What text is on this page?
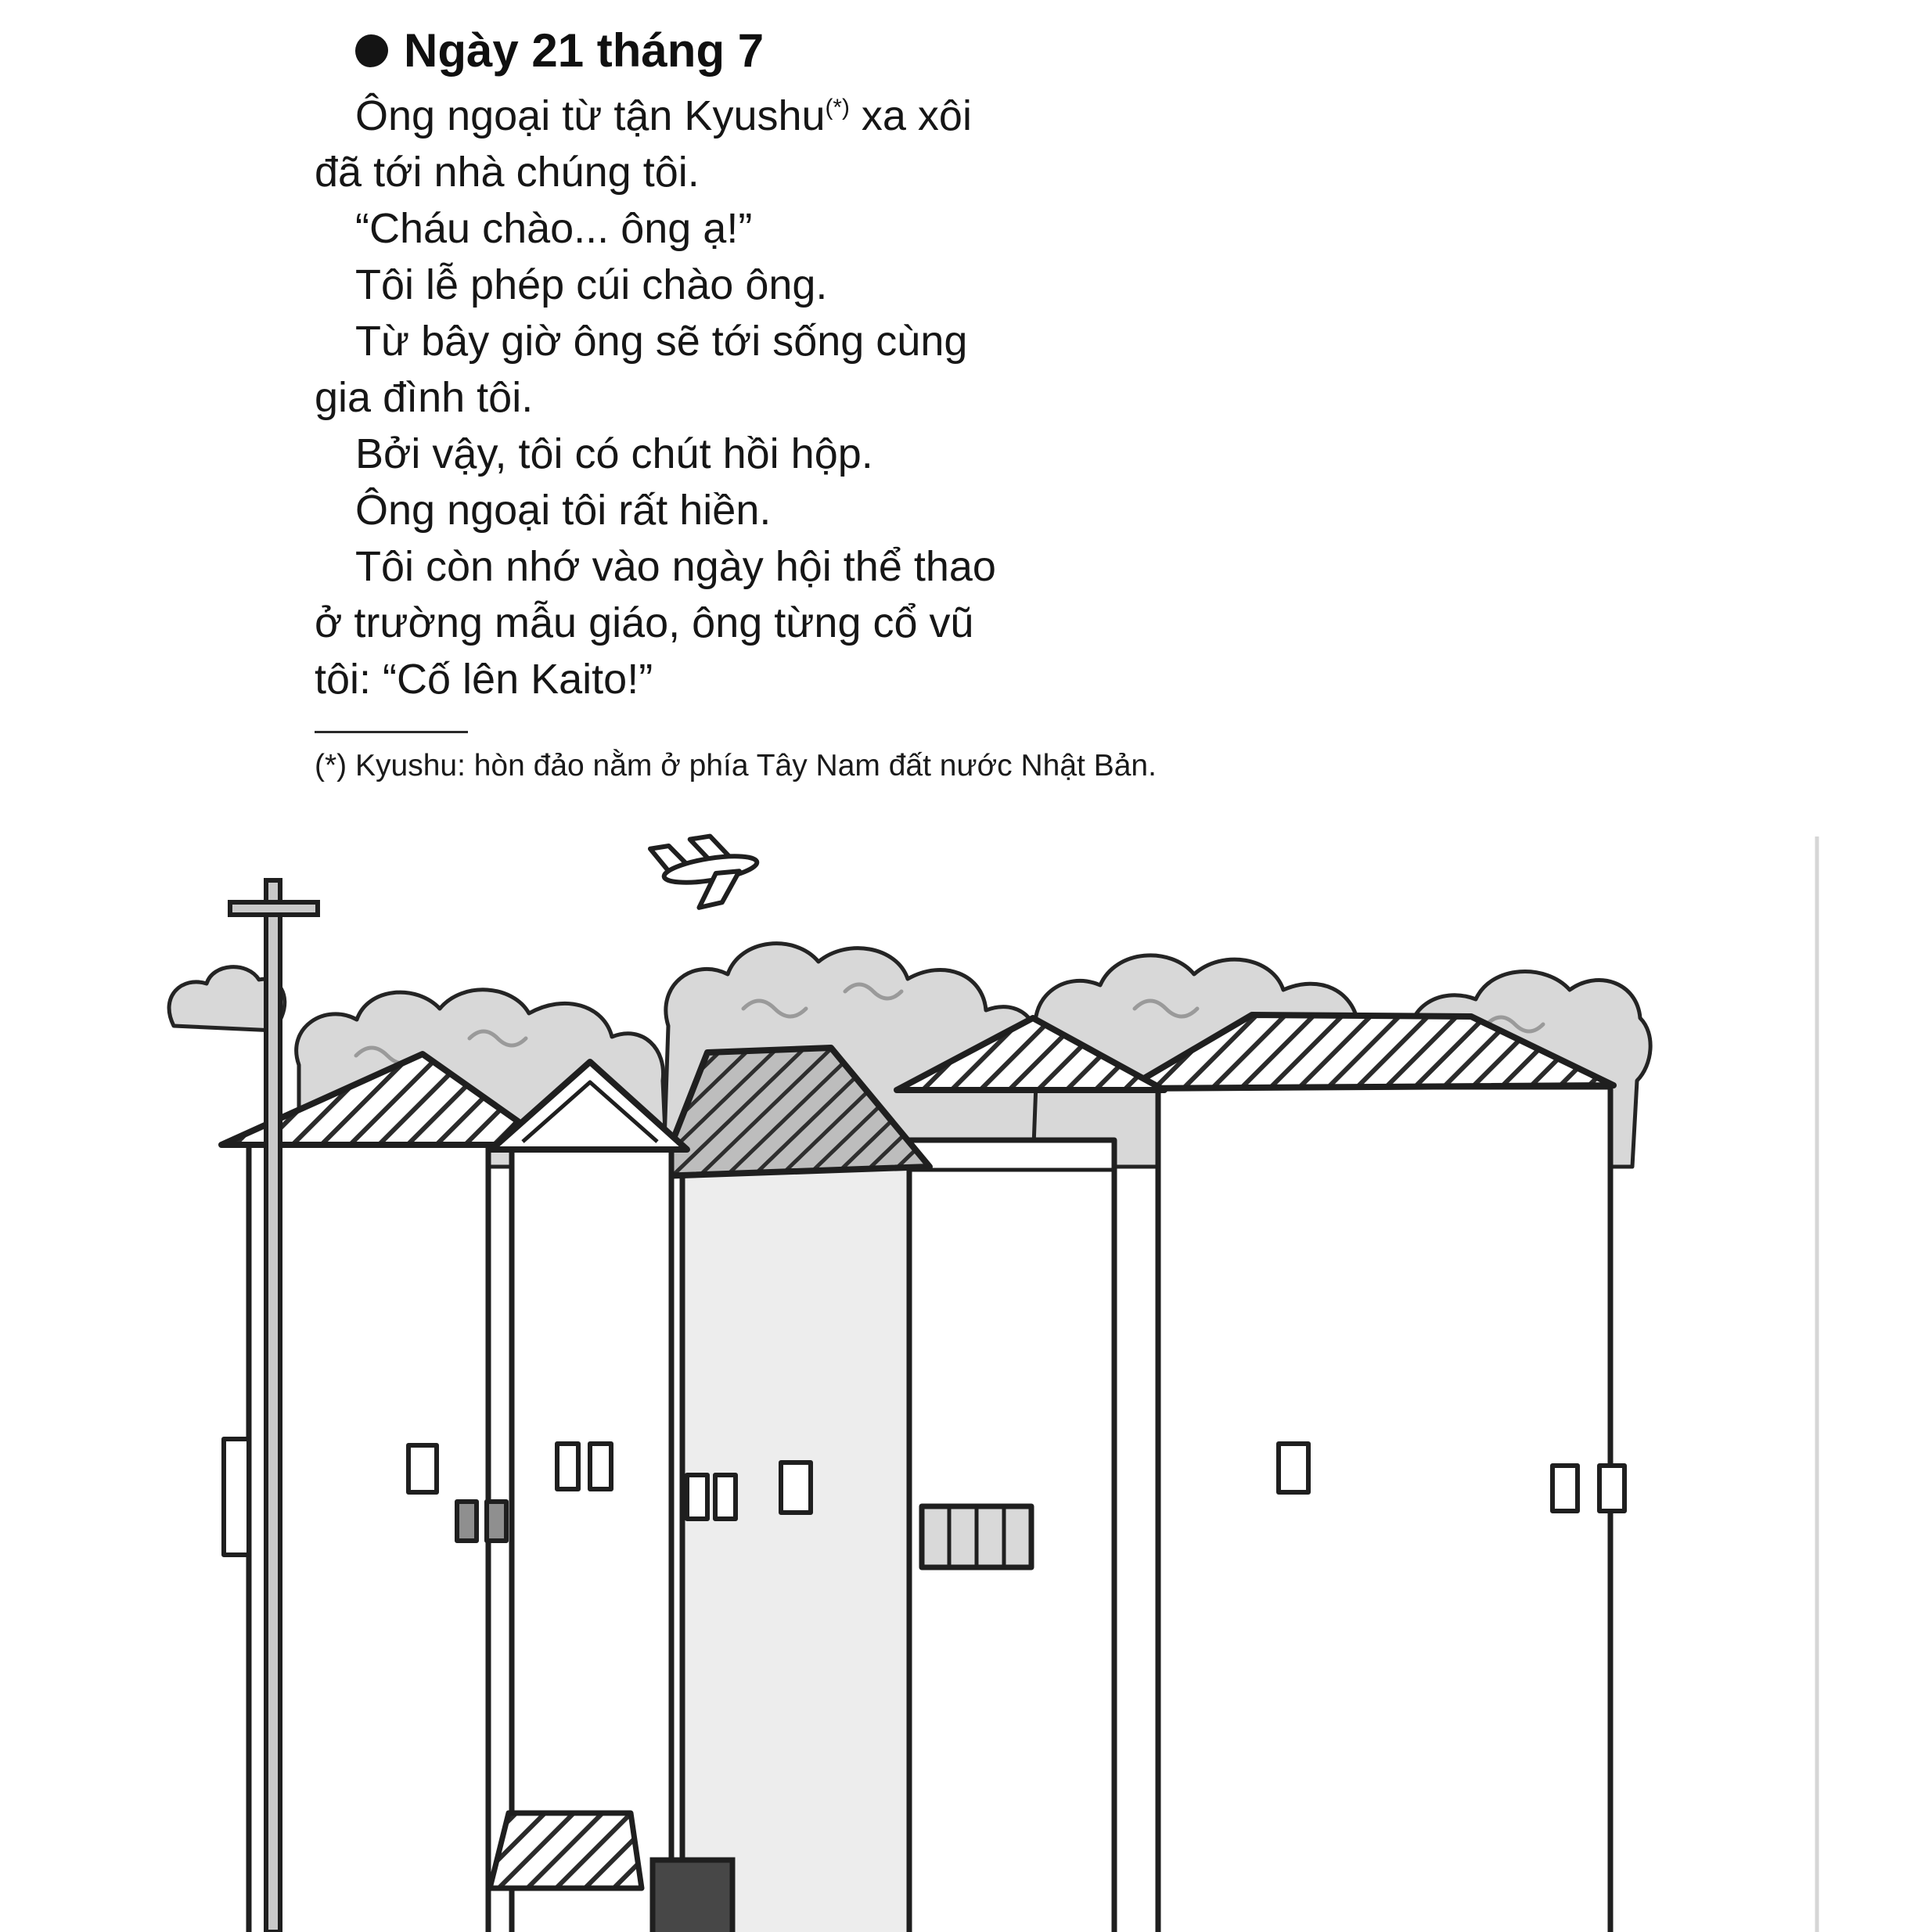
Ngày 21 tháng 7
Ông ngoại từ tận Kyushu(*) xa xôi
đã tới nhà chúng tôi.
“Cháu chào... ông ạ!”
Tôi lễ phép cúi chào ông.
Từ bây giờ ông sẽ tới sống cùng
gia đình tôi.
Bởi vậy, tôi có chút hồi hộp.
Ông ngoại tôi rất hiền.
Tôi còn nhớ vào ngày hội thể thao
ở trường mẫu giáo, ông từng cổ vũ
tôi: “Cố lên Kaito!”
(*) Kyushu: hòn đảo nằm ở phía Tây Nam đất nước Nhật Bản.
